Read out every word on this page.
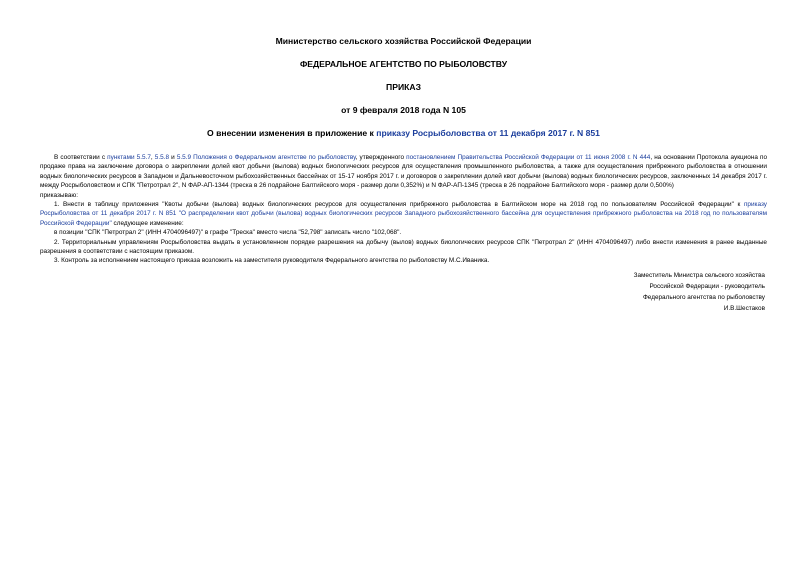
Министерство сельского хозяйства Российской Федерации
ФЕДЕРАЛЬНОЕ АГЕНТСТВО ПО РЫБОЛОВСТВУ
ПРИКАЗ
от 9 февраля 2018 года N 105
О внесении изменения в приложение к приказу Росрыболовства от 11 декабря 2017 г. N 851

В соответствии с пунктами 5.5.7, 5.5.8 и 5.5.9 Положения о Федеральном агентстве по рыболовству, утвержденного постановлением Правительства Российской Федерации от 11 июня 2008 г. N 444, на основании Протокола аукциона по продаже права на заключение договора о закреплении долей квот добычи (вылова) водных биологических ресурсов для осуществления промышленного рыболовства, а также для осуществления прибрежного рыболовства в отношении водных биологических ресурсов в Западном и Дальневосточном рыбохозяйственных бассейнах от 15-17 ноября 2017 г. и договоров о закреплении долей квот добычи (вылова) водных биологических ресурсов, заключенных 14 декабря 2017 г. между Росрыболовством и СПК "Петротрал 2", N ФАР-АП-1344 (треска в 26 подрайоне Балтийского моря - размер доли 0,352%) и N ФАР-АП-1345 (треска в 26 подрайоне Балтийского моря - размер доли 0,500%)

приказываю:

1. Внести в таблицу приложения "Квоты добычи (вылова) водных биологических ресурсов для осуществления прибрежного рыболовства в Балтийском море на 2018 год по пользователям Российской Федерации" к приказу Росрыболовства от 11 декабря 2017 г. N 851 "О распределении квот добычи (вылова) водных биологических ресурсов Западного рыбохозяйственного бассейна для осуществления прибрежного рыболовства на 2018 год по пользователям Российской Федерации" следующее изменение:

в позиции "СПК "Петротрал 2" (ИНН 4704096497)" в графе "Треска" вместо числа "52,798" записать число "102,068".

2. Территориальным управлениям Росрыболовства выдать в установленном порядке разрешения на добычу (вылов) водных биологических ресурсов СПК "Петротрал 2" (ИНН 4704096497) либо внести изменения в ранее выданные разрешения в соответствии с настоящим приказом.

3. Контроль за исполнением настоящего приказа возложить на заместителя руководителя Федерального агентства по рыболовству М.С.Иваника.

Заместитель Министра сельского хозяйства
Российской Федерации - руководитель
Федерального агентства по рыболовству
И.В.Шестаков
